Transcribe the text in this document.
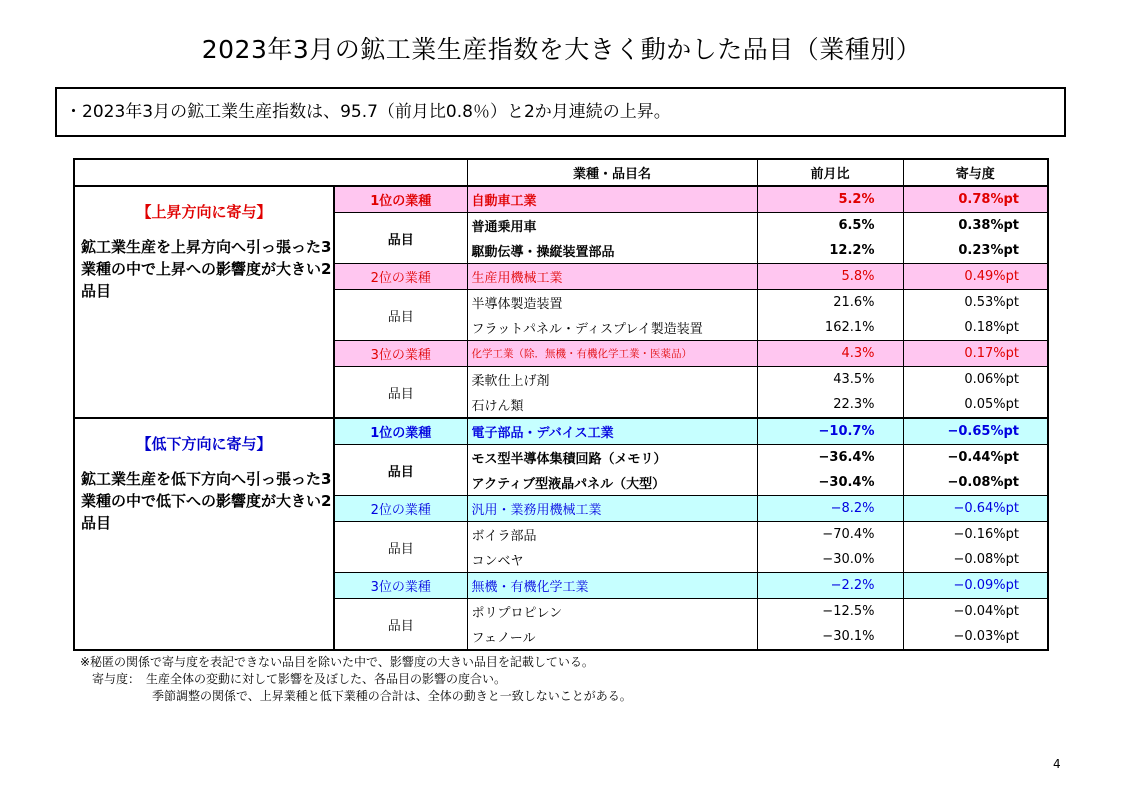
2023年3月の鉱工業生産指数を大きく動かした品目（業種別）
・2023年3月の鉱工業生産指数は、95.7（前月比0.8％）と2か月連続の上昇。
		業種・品目名	前月比	寄与度

【上昇方向に寄与】
鉱工業生産を上昇方向へ引っ張った3業種の中で上昇への影響度が大きい2品目	1位の業種	自動車工業	5.2%	0.78%pt
	品目	普通乗用車	6.5%	0.38%pt
		駆動伝導・操縦装置部品	12.2%	0.23%pt
	2位の業種	生産用機械工業	5.8%	0.49%pt
	品目	半導体製造装置	21.6%	0.53%pt
		フラットパネル・ディスプレイ製造装置	162.1%	0.18%pt
	3位の業種	化学工業（除．無機・有機化学工業・医薬品）	4.3%	0.17%pt
	品目	柔軟仕上げ剤	43.5%	0.06%pt
		石けん類	22.3%	0.05%pt

【低下方向に寄与】
鉱工業生産を低下方向へ引っ張った3業種の中で低下への影響度が大きい2品目	1位の業種	電子部品・デバイス工業	−10.7%	−0.65%pt
	品目	モス型半導体集積回路（メモリ）	−36.4%	−0.44%pt
		アクティブ型液晶パネル（大型）	−30.4%	−0.08%pt
	2位の業種	汎用・業務用機械工業	−8.2%	−0.64%pt
	品目	ボイラ部品	−70.4%	−0.16%pt
		コンベヤ	−30.0%	−0.08%pt
	3位の業種	無機・有機化学工業	−2.2%	−0.09%pt
	品目	ポリプロピレン	−12.5%	−0.04%pt
		フェノール	−30.1%	−0.03%pt
※秘匿の関係で寄与度を表記できない品目を除いた中で、影響度の大きい品目を記載している。
　寄与度：　生産全体の変動に対して影響を及ぼした、各品目の影響の度合い。
　　　　　　季節調整の関係で、上昇業種と低下業種の合計は、全体の動きと一致しないことがある。
4
